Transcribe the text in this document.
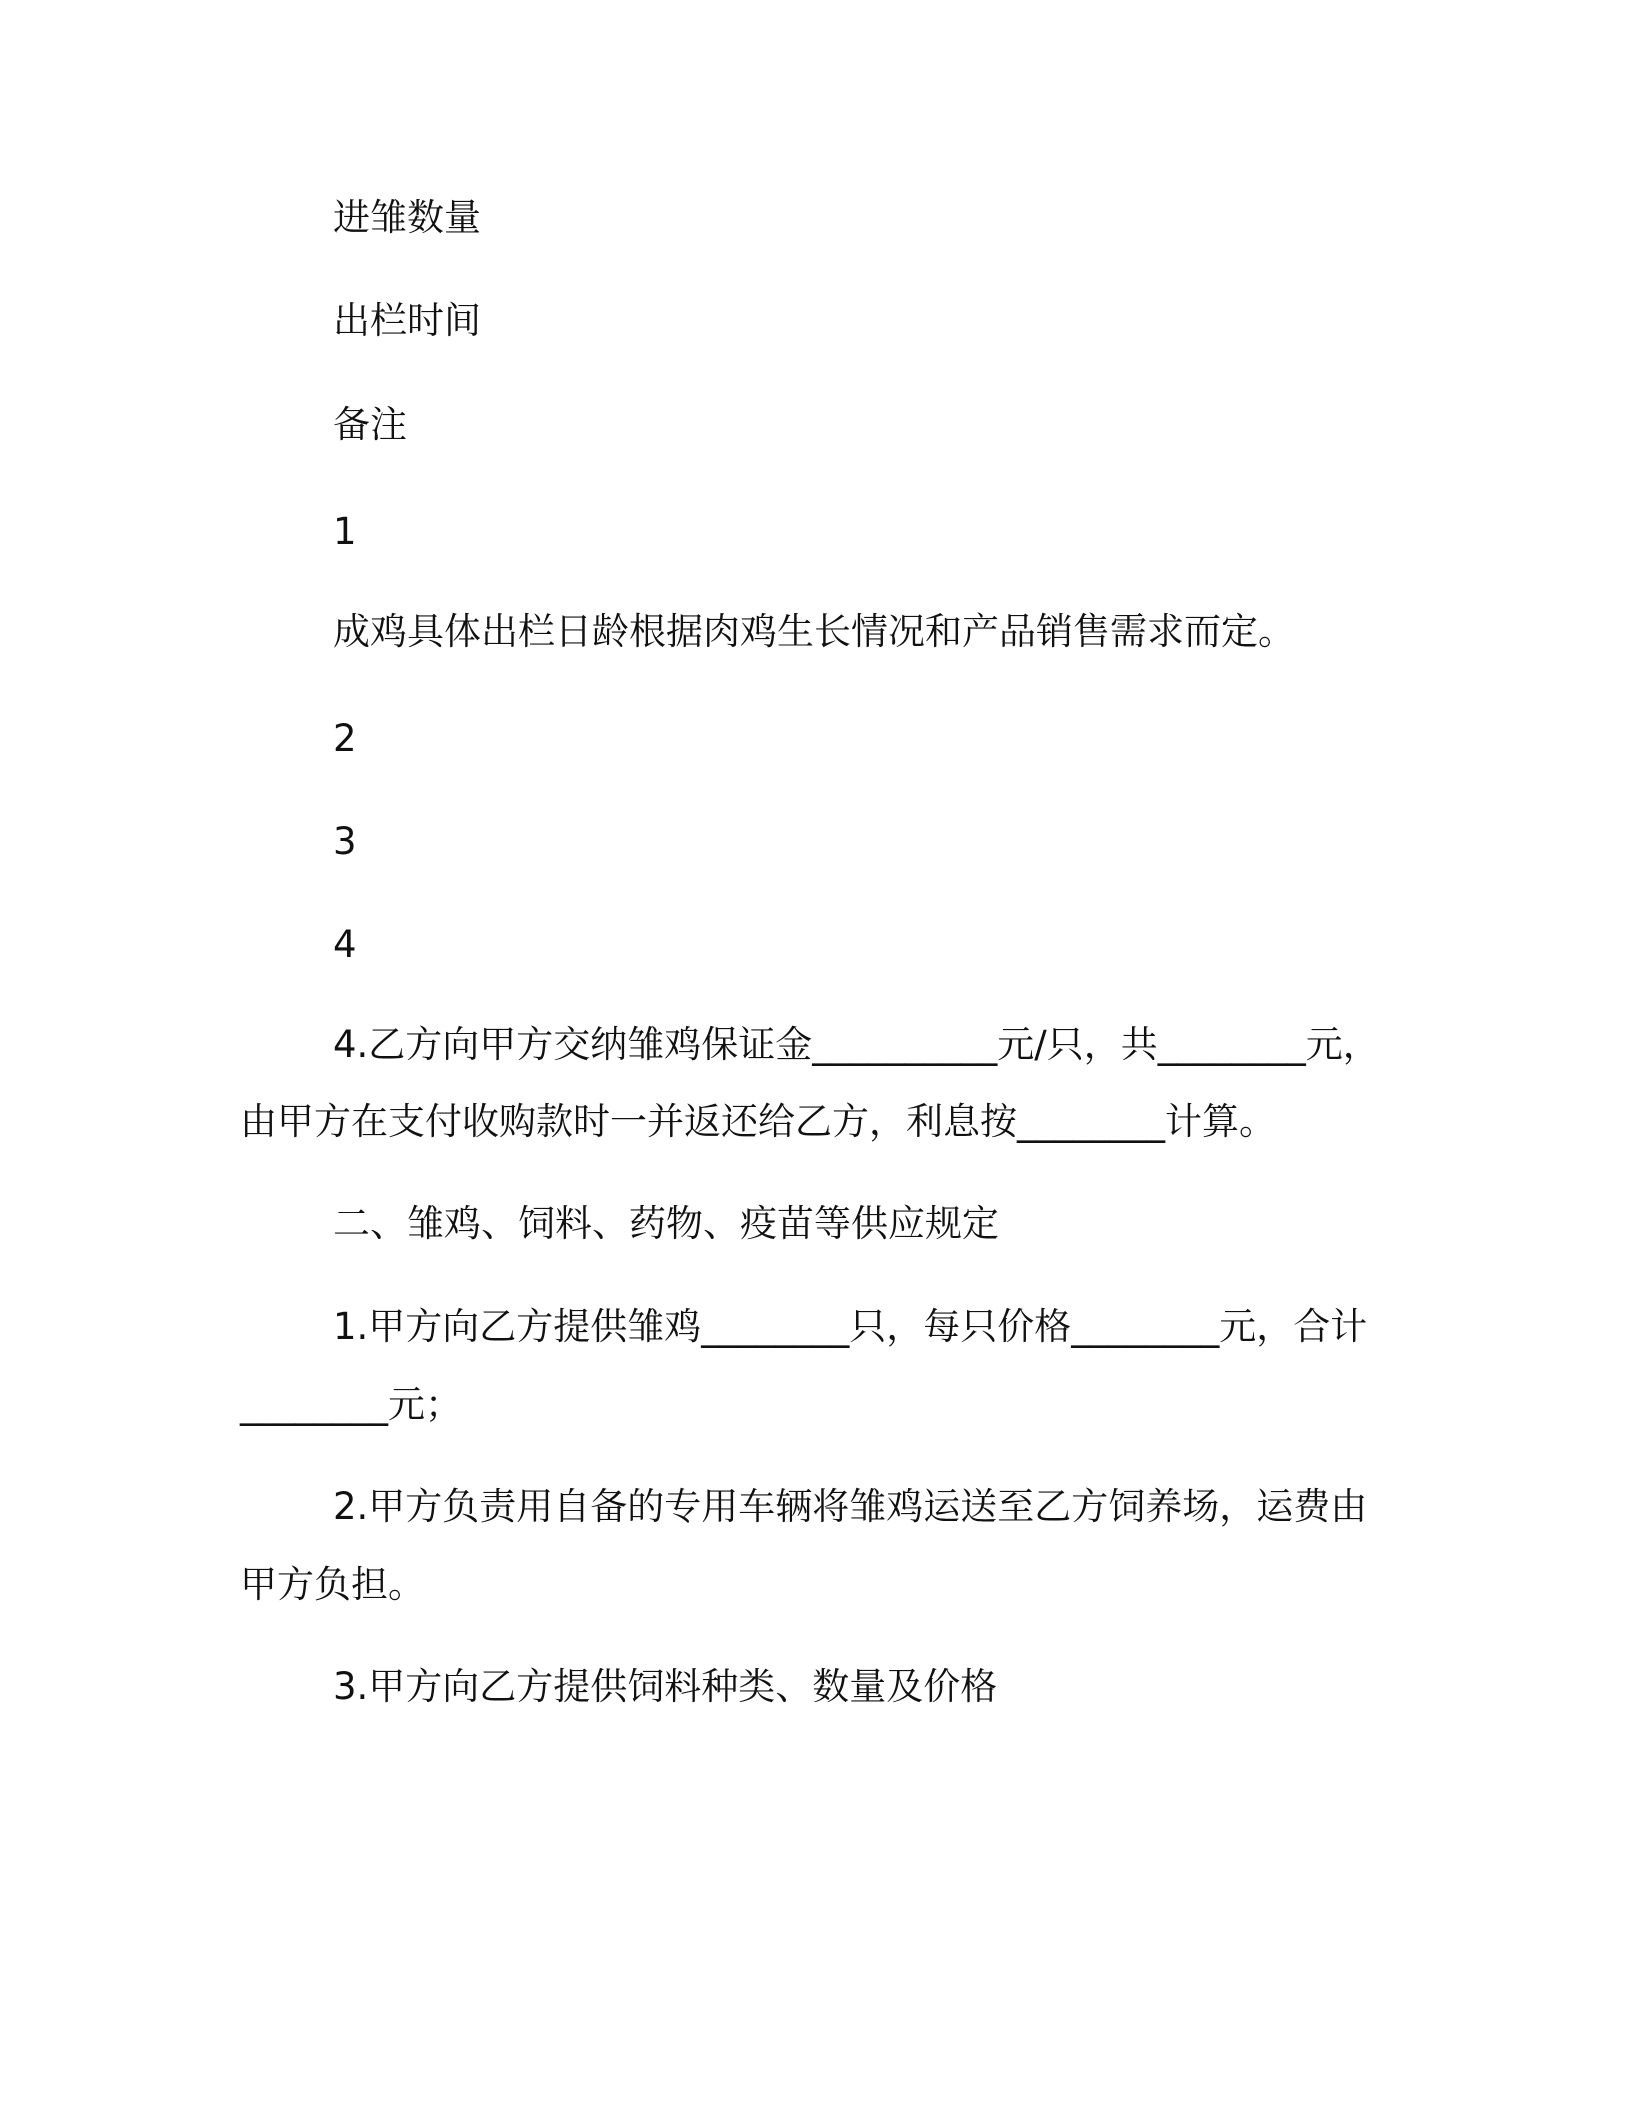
进雏数量
出栏时间
备注
1
成鸡具体出栏日龄根据肉鸡生长情况和产品销售需求而定。
2
3
4
4.乙方向甲方交纳雏鸡保证金__________元/只，共________元，
由甲方在支付收购款时一并返还给乙方，利息按________计算。
二、雏鸡、饲料、药物、疫苗等供应规定
1.甲方向乙方提供雏鸡________只，每只价格________元，合计
________元；
2.甲方负责用自备的专用车辆将雏鸡运送至乙方饲养场，运费由
甲方负担。
3.甲方向乙方提供饲料种类、数量及价格
